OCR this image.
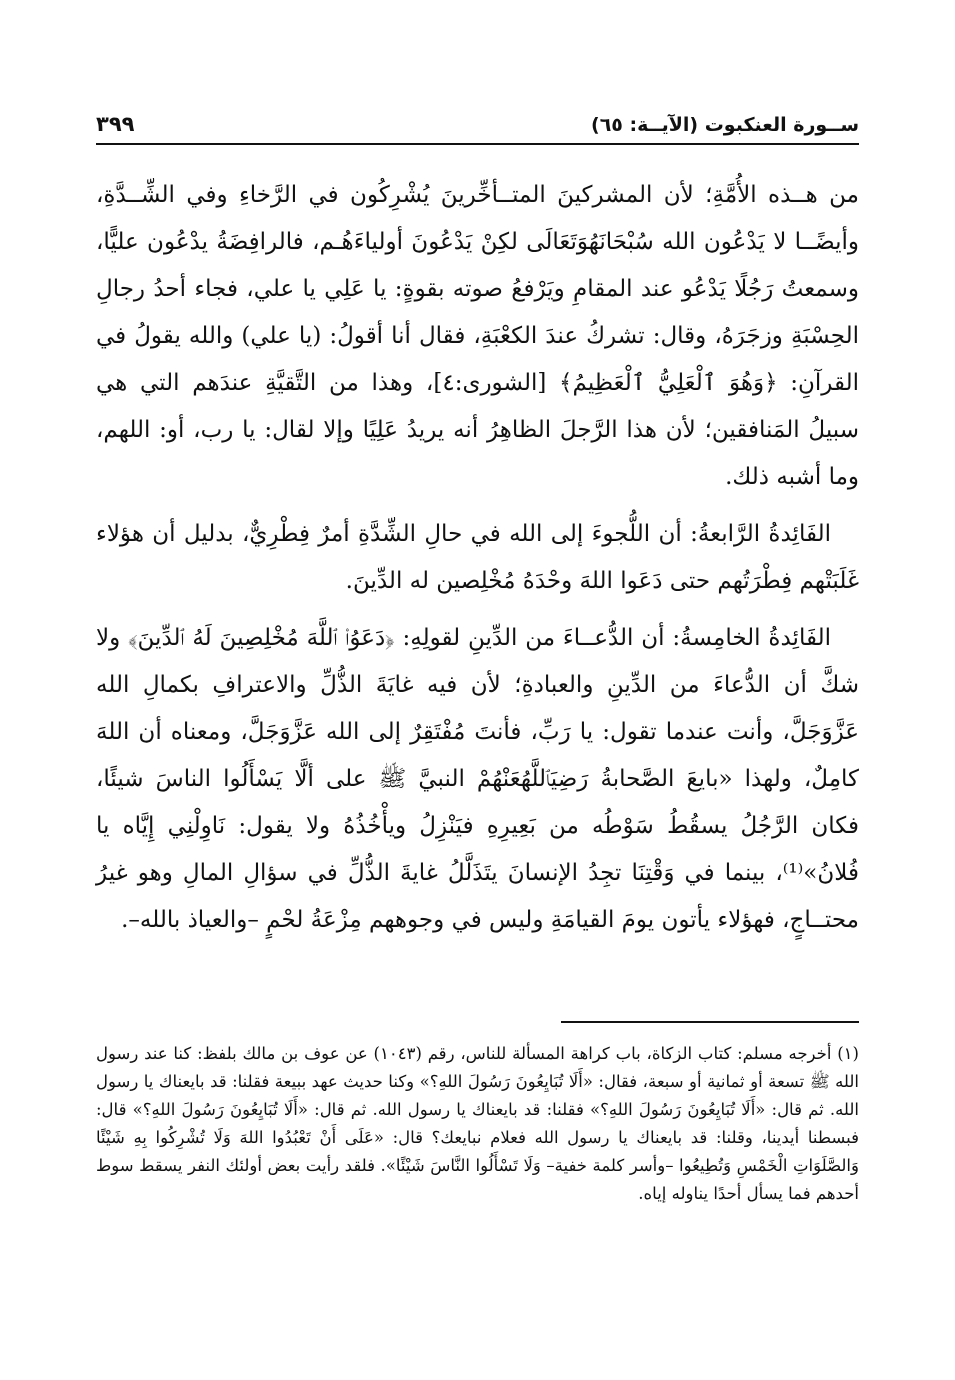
ســورة العنكبوت (الآيــة: ٦٥)
٣٩٩

من هــذه الأُمَّةِ؛ لأن المشركينَ المتــأخِّرينَ يُشْرِكُون في الرَّخاءِ وفي الشِّــدَّةِ، وأيضًــا لا يَدْعُون الله سُبْحَانَهُوَتَعَالَى لكِنْ يَدْعُونَ أولياءَهُـم، فالرافِضَةُ يدْعُون عليًّا، وسمعتُ رَجُلًا يَدْعُو عند المقامِ ويَرْفعُ صوته بقوةٍ: يا عَلِي يا علي، فجاء أحدُ رجالِ الحِسْبَةِ وزجَرَهُ، وقال: تشركُ عندَ الكعْبَةِ، فقال أنا أقولُ: (يا علي) والله يقولُ في القرآنِ: ﴿وَهُوَ ٱلْعَلِيُّ ٱلْعَظِيمُ﴾ [الشورى:٤]، وهذا من التَّقيَّةِ عندَهم التي هي سبيلُ المَنافقين؛ لأن هذا الرَّجلَ الظاهِرُ أنه يريدُ عَلِيًا وإلا لقال: يا رب، أو: اللهم، وما أشبه ذلك.

الفَائِدةُ الرَّابعةُ: أن اللُّجوءَ إلى الله في حالِ الشِّدَّةِ أمرٌ فِطْرِيٌّ، بدليل أن هؤلاء غَلَبَتْهم فِطْرَتُهم حتى دَعَوا اللهَ وحْدَهُ مُخْلِصين له الدِّينَ.

الفَائِدةُ الخامِسةُ: أن الدُّعــاءَ من الدِّينِ لقولِهِ: ﴿دَعَوُا۟ ٱللَّهَ مُخْلِصِينَ لَهُ ٱلدِّينَ﴾ ولا شكَّ أن الدُّعاءَ من الدِّينِ والعبادةِ؛ لأن فيه غايَةَ الذُّلِّ والاعترافِ بكمالِ الله عَزَّوَجَلَّ، وأنت عندما تقول: يا رَبِّ، فأنتَ مُفْتَقِرٌ إلى الله عَزَّوَجَلَّ، ومعناه أن اللهَ كامِلٌ، ولهذا «بايعَ الصَّحابةُ رَضِيَٱللَّهُعَنْهُمْ النبيَّ ﷺ على ألَّا يَسْأَلُوا الناسَ شيئًا، فكان الرَّجُلُ يسقُطُ سَوْطُه من بَعِيرِهِ فيَنْزِلُ ويأْخُذُهُ ولا يقول: نَاوِلْنِي إِيَّاه يا فُلانُ»⁽¹⁾، بينما في وَقْتِنَا تجِدُ الإنسانَ يتَذَلَّلُ غايةَ الذُّلِّ في سؤالِ المالِ وهو غيرُ محتــاجٍ، فهؤلاء يأتون يومَ القيامَةِ وليس في وجوههم مِزْعَةُ لحْمٍ –والعياذ بالله–.

(١) أخرجه مسلم: كتاب الزكاة، باب كراهة المسألة للناس، رقم (١٠٤٣) عن عوف بن مالك بلفظ: كنا عند رسول الله ﷺ تسعة أو ثمانية أو سبعة، فقال: «أَلَا تُبَايِعُونَ رَسُولَ اللهِ؟» وكنا حديث عهد ببيعة فقلنا: قد بايعناك يا رسول الله. ثم قال: «أَلَا تُبَايِعُونَ رَسُولَ اللهِ؟» فقلنا: قد بايعناك يا رسول الله. ثم قال: «أَلَا تُبَايِعُونَ رَسُولَ اللهِ؟» قال: فبسطنا أيدينا، وقلنا: قد بايعناك يا رسول الله فعلام نبايعك؟ قال: «عَلَى أَنْ تَعْبُدُوا اللهَ وَلَا تُشْرِكُوا بِهِ شَيْئًا وَالصَّلَوَاتِ الْخَمْسِ وَتُطِيعُوا –وأسر كلمة خفية– وَلَا تَسْأَلُوا النَّاسَ شَيْئًا». فلقد رأيت بعض أولئك النفر يسقط سوط أحدهم فما يسأل أحدًا يناوله إياه.
